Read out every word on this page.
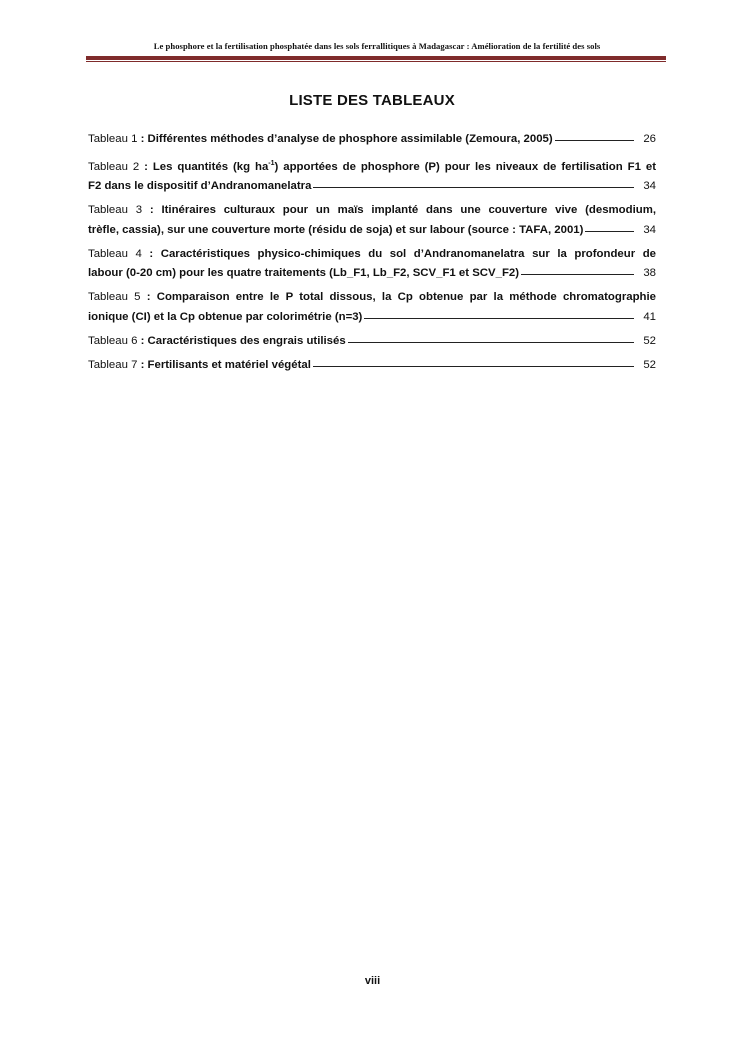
Le phosphore et la fertilisation phosphatée dans les sols ferrallitiques à Madagascar : Amélioration de la fertilité des sols
LISTE DES TABLEAUX
Tableau 1 : Différentes méthodes d’analyse de phosphore assimilable (Zemoura, 2005)	26
Tableau 2 : Les quantités (kg $ha^{-1}$) apportées de phosphore (P) pour les niveaux de fertilisation F1 et
F2 dans le dispositif d’Andranomanelatra	34
Tableau 3 : Itinéraires culturaux pour un maïs implanté dans une couverture vive (desmodium,
trèfle, cassia), sur une couverture morte (résidu de soja) et sur labour (source : TAFA, 2001)	34
Tableau 4 : Caractéristiques physico-chimiques du sol d’Andranomanelatra sur la profondeur de
labour (0-20 cm) pour les quatre traitements (Lb_F1, Lb_F2, SCV_F1 et SCV_F2)	38
Tableau 5 : Comparaison entre le P total dissous, la Cp obtenue par la méthode chromatographie
ionique (CI) et la Cp obtenue par colorimétrie (n=3)	41
Tableau 6 : Caractéristiques des engrais utilisés	52
Tableau 7 : Fertilisants et matériel végétal	52
viii
